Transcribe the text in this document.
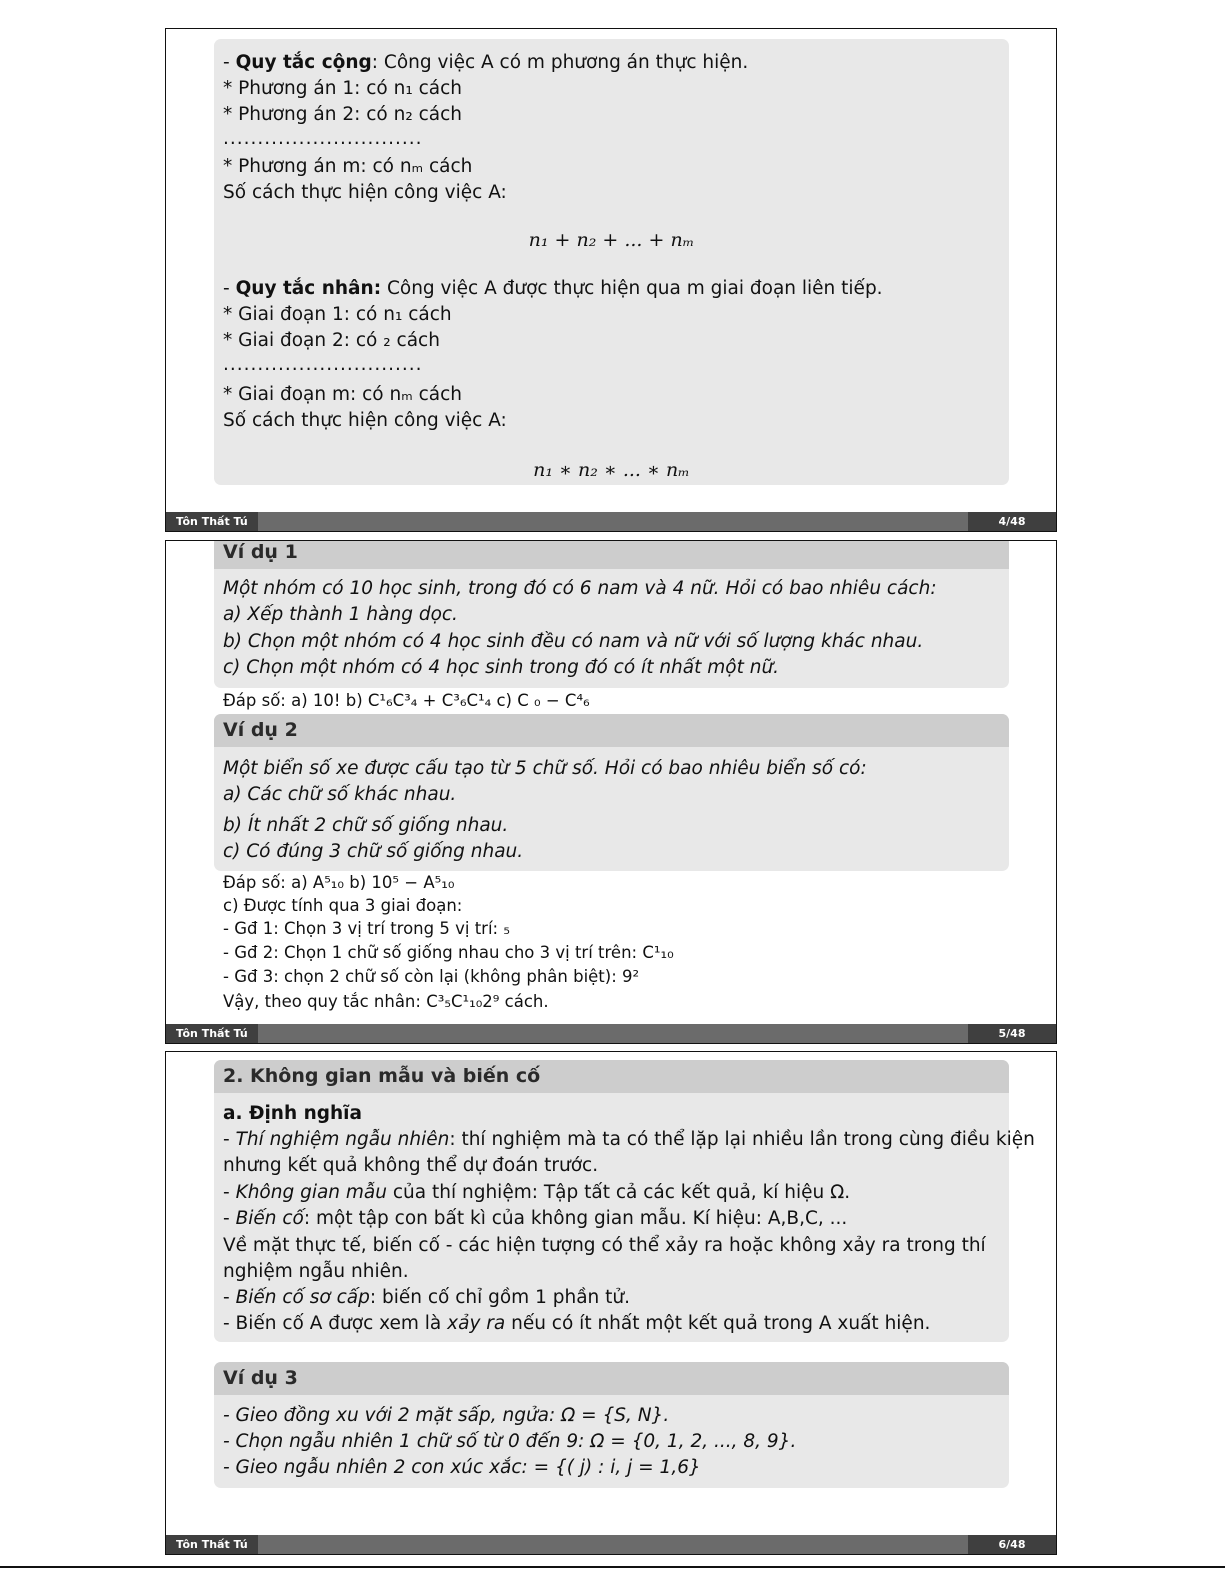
- Quy tắc cộng: Công việc A có m phương án thực hiện.
* Phương án 1: có n₁ cách
* Phương án 2: có n₂ cách
.............................
* Phương án m: có nₘ cách
Số cách thực hiện công việc A:
n₁ + n₂ + ... + nₘ
- Quy tắc nhân: Công việc A được thực hiện qua m giai đoạn liên tiếp.
* Giai đoạn 1: có n₁ cách
* Giai đoạn 2: có ₂ cách
.............................
* Giai đoạn m: có nₘ cách
Số cách thực hiện công việc A:
n₁ ∗ n₂ ∗ ... ∗ nₘ
Tôn Thất Tú	4/48
Ví dụ 1
Một nhóm có 10 học sinh, trong đó có 6 nam và 4 nữ. Hỏi có bao nhiêu cách:
a) Xếp thành 1 hàng dọc.
b) Chọn một nhóm có 4 học sinh đều có nam và nữ với số lượng khác nhau.
c) Chọn một nhóm có 4 học sinh trong đó có ít nhất một nữ.
Đáp số: a) 10! b) C¹₆C³₄ + C³₆C¹₄ c) C ₀ − C⁴₆
Ví dụ 2
Một biển số xe được cấu tạo từ 5 chữ số. Hỏi có bao nhiêu biển số có:
a) Các chữ số khác nhau.
b) Ít nhất 2 chữ số giống nhau.
c) Có đúng 3 chữ số giống nhau.
Đáp số: a) A⁵₁₀ b) 10⁵ − A⁵₁₀
c) Được tính qua 3 giai đoạn:
- Gđ 1: Chọn 3 vị trí trong 5 vị trí: ₅
- Gđ 2: Chọn 1 chữ số giống nhau cho 3 vị trí trên: C¹₁₀
- Gđ 3: chọn 2 chữ số còn lại (không phân biệt): 9²
Vậy, theo quy tắc nhân: C³₅C¹₁₀2⁹ cách.
Tôn Thất Tú	5/48
2. Không gian mẫu và biến cố
a. Định nghĩa
- Thí nghiệm ngẫu nhiên: thí nghiệm mà ta có thể lặp lại nhiều lần trong cùng điều kiện
nhưng kết quả không thể dự đoán trước.
- Không gian mẫu của thí nghiệm: Tập tất cả các kết quả, kí hiệu Ω.
- Biến cố: một tập con bất kì của không gian mẫu. Kí hiệu: A,B,C, ...
Về mặt thực tế, biến cố - các hiện tượng có thể xảy ra hoặc không xảy ra trong thí
nghiệm ngẫu nhiên.
- Biến cố sơ cấp: biến cố chỉ gồm 1 phần tử.
- Biến cố A được xem là xảy ra nếu có ít nhất một kết quả trong A xuất hiện.
Ví dụ 3
- Gieo đồng xu với 2 mặt sấp, ngửa: Ω = {S, N}.
- Chọn ngẫu nhiên 1 chữ số từ 0 đến 9: Ω = {0, 1, 2, ..., 8, 9}.
- Gieo ngẫu nhiên 2 con xúc xắc: = {( j) : i, j = 1,6}
Tôn Thất Tú	6/48
